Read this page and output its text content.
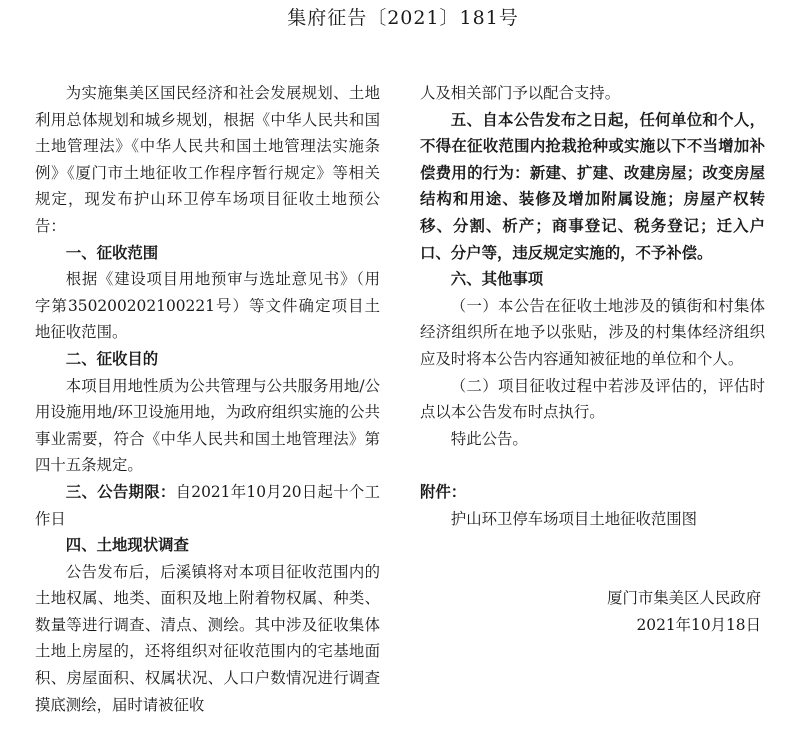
集府征告〔2021〕181号

为实施集美区国民经济和社会发展规划、土地利用总体规划和城乡规划，根据《中华人民共和国土地管理法》《中华人民共和国土地管理法实施条例》《厦门市土地征收工作程序暂行规定》等相关规定，现发布护山环卫停车场项目征收土地预公告：

一、征收范围

根据《建设项目用地预审与选址意见书》（用字第350200202100221号）等文件确定项目土地征收范围。

二、征收目的

本项目用地性质为公共管理与公共服务用地/公用设施用地/环卫设施用地，为政府组织实施的公共事业需要，符合《中华人民共和国土地管理法》第四十五条规定。

三、公告期限：自2021年10月20日起十个工作日

四、土地现状调查

公告发布后，后溪镇将对本项目征收范围内的土地权属、地类、面积及地上附着物权属、种类、数量等进行调查、清点、测绘。其中涉及征收集体土地上房屋的，还将组织对征收范围内的宅基地面积、房屋面积、权属状况、人口户数情况进行调查摸底测绘，届时请被征收

人及相关部门予以配合支持。

五、自本公告发布之日起，任何单位和个人，不得在征收范围内抢栽抢种或实施以下不当增加补偿费用的行为：新建、扩建、改建房屋；改变房屋结构和用途、装修及增加附属设施；房屋产权转移、分割、析产；商事登记、税务登记；迁入户口、分户等，违反规定实施的，不予补偿。

六、其他事项

（一）本公告在征收土地涉及的镇街和村集体经济组织所在地予以张贴，涉及的村集体经济组织应及时将本公告内容通知被征地的单位和个人。

（二）项目征收过程中若涉及评估的，评估时点以本公告发布时点执行。

特此公告。

附件：

护山环卫停车场项目土地征收范围图

厦门市集美区人民政府

2021年10月18日
